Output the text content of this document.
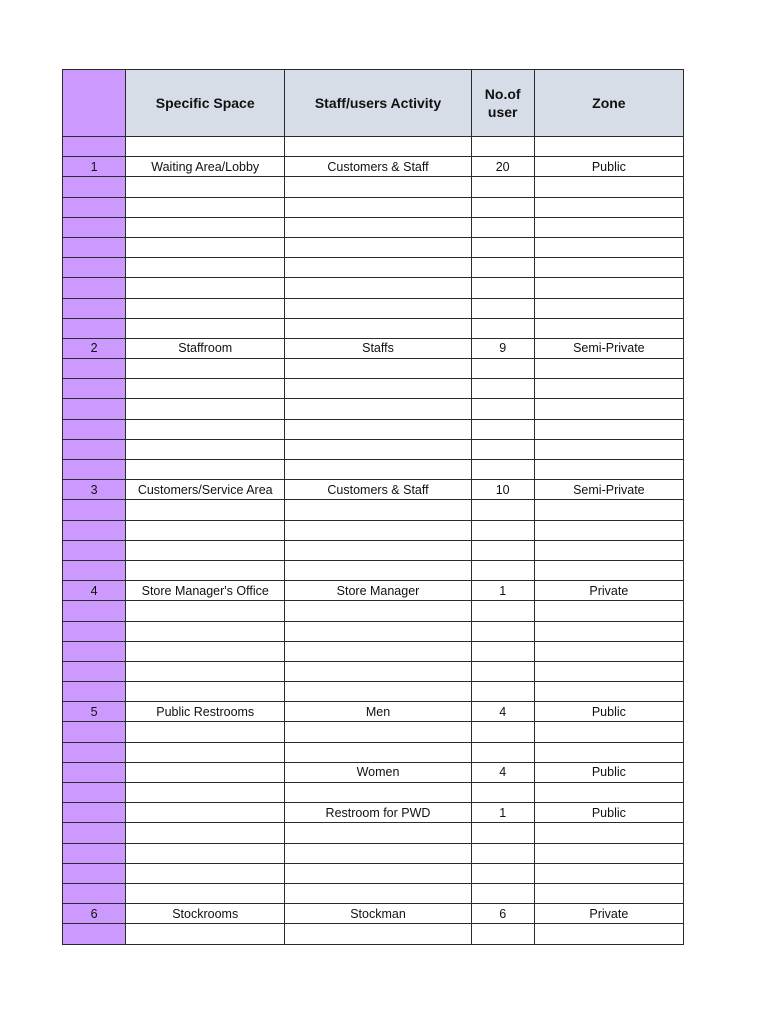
	Specific Space	Staff/users Activity	No.of user	Zone

1	Waiting Area/Lobby	Customers & Staff	20	Public

2	Staffroom	Staffs	9	Semi-Private

3	Customers/Service Area	Customers & Staff	10	Semi-Private

4	Store Manager's Office	Store Manager	1	Private

5	Public Restrooms	Men	4	Public

		Women	4	Public

		Restroom for PWD	1	Public

6	Stockrooms	Stockman	6	Private
